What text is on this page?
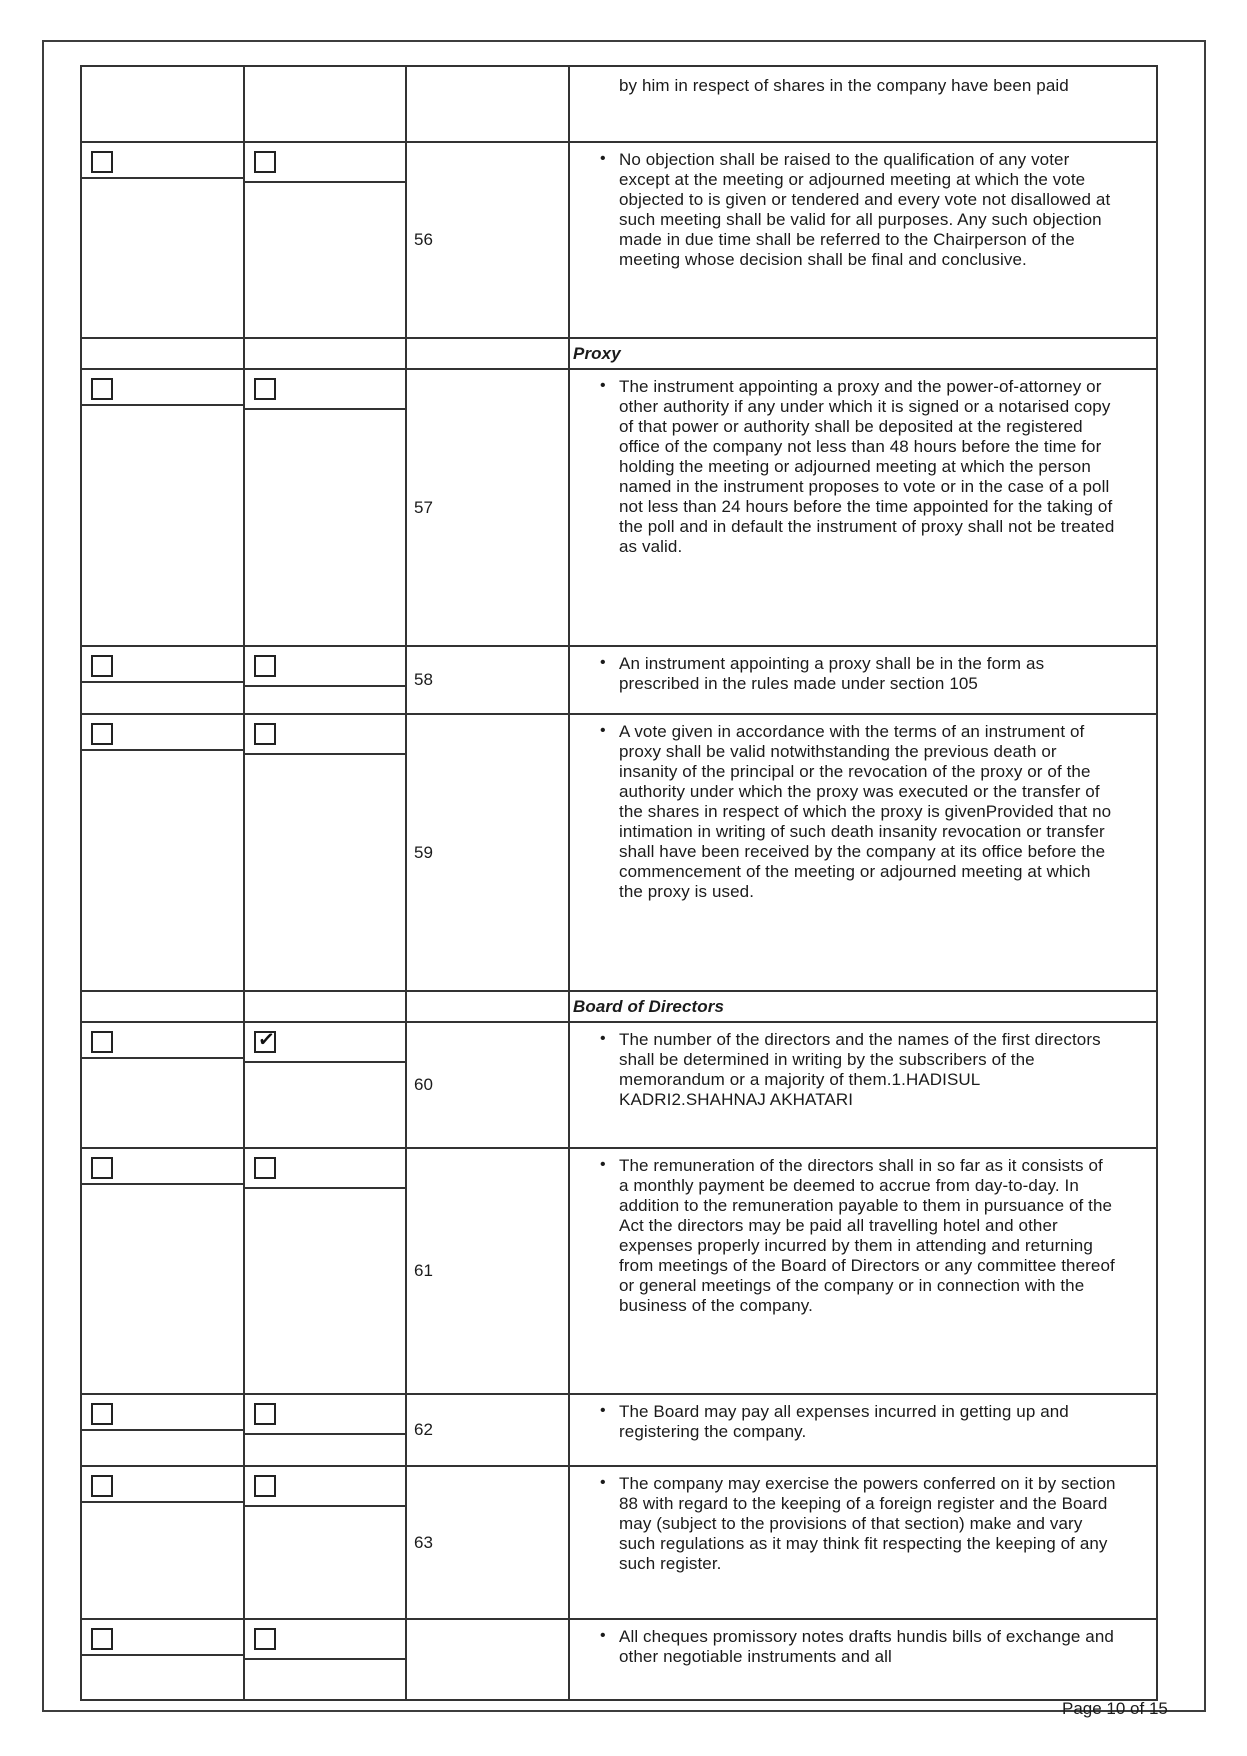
by him in respect of shares in the company have been paid
56
• No objection shall be raised to the qualification of any voter except at the meeting or adjourned meeting at which the vote objected to is given or tendered and every vote not disallowed at such meeting shall be valid for all purposes. Any such objection made in due time shall be referred to the Chairperson of the meeting whose decision shall be final and conclusive.
Proxy
57
• The instrument appointing a proxy and the power-of-attorney or other authority if any under which it is signed or a notarised copy of that power or authority shall be deposited at the registered office of the company not less than 48 hours before the time for holding the meeting or adjourned meeting at which the person named in the instrument proposes to vote or in the case of a poll not less than 24 hours before the time appointed for the taking of the poll and in default the instrument of proxy shall not be treated as valid.
58
• An instrument appointing a proxy shall be in the form as prescribed in the rules made under section 105
59
• A vote given in accordance with the terms of an instrument of proxy shall be valid notwithstanding the previous death or insanity of the principal or the revocation of the proxy or of the authority under which the proxy was executed or the transfer of the shares in respect of which the proxy is givenProvided that no intimation in writing of such death insanity revocation or transfer shall have been received by the company at its office before the commencement of the meeting or adjourned meeting at which the proxy is used.
Board of Directors
✓
60
• The number of the directors and the names of the first directors shall be determined in writing by the subscribers of the memorandum or a majority of them.1.HADISUL KADRI2.SHAHNAJ AKHATARI
61
• The remuneration of the directors shall in so far as it consists of a monthly payment be deemed to accrue from day-to-day. In addition to the remuneration payable to them in pursuance of the Act the directors may be paid all travelling hotel and other expenses properly incurred by them in attending and returning from meetings of the Board of Directors or any committee thereof or general meetings of the company or in connection with the business of the company.
62
• The Board may pay all expenses incurred in getting up and registering the company.
63
• The company may exercise the powers conferred on it by section 88 with regard to the keeping of a foreign register and the Board may (subject to the provisions of that section) make and vary such regulations as it may think fit respecting the keeping of any such register.
• All cheques promissory notes drafts hundis bills of exchange and other negotiable instruments and all
Page 10 of 15
